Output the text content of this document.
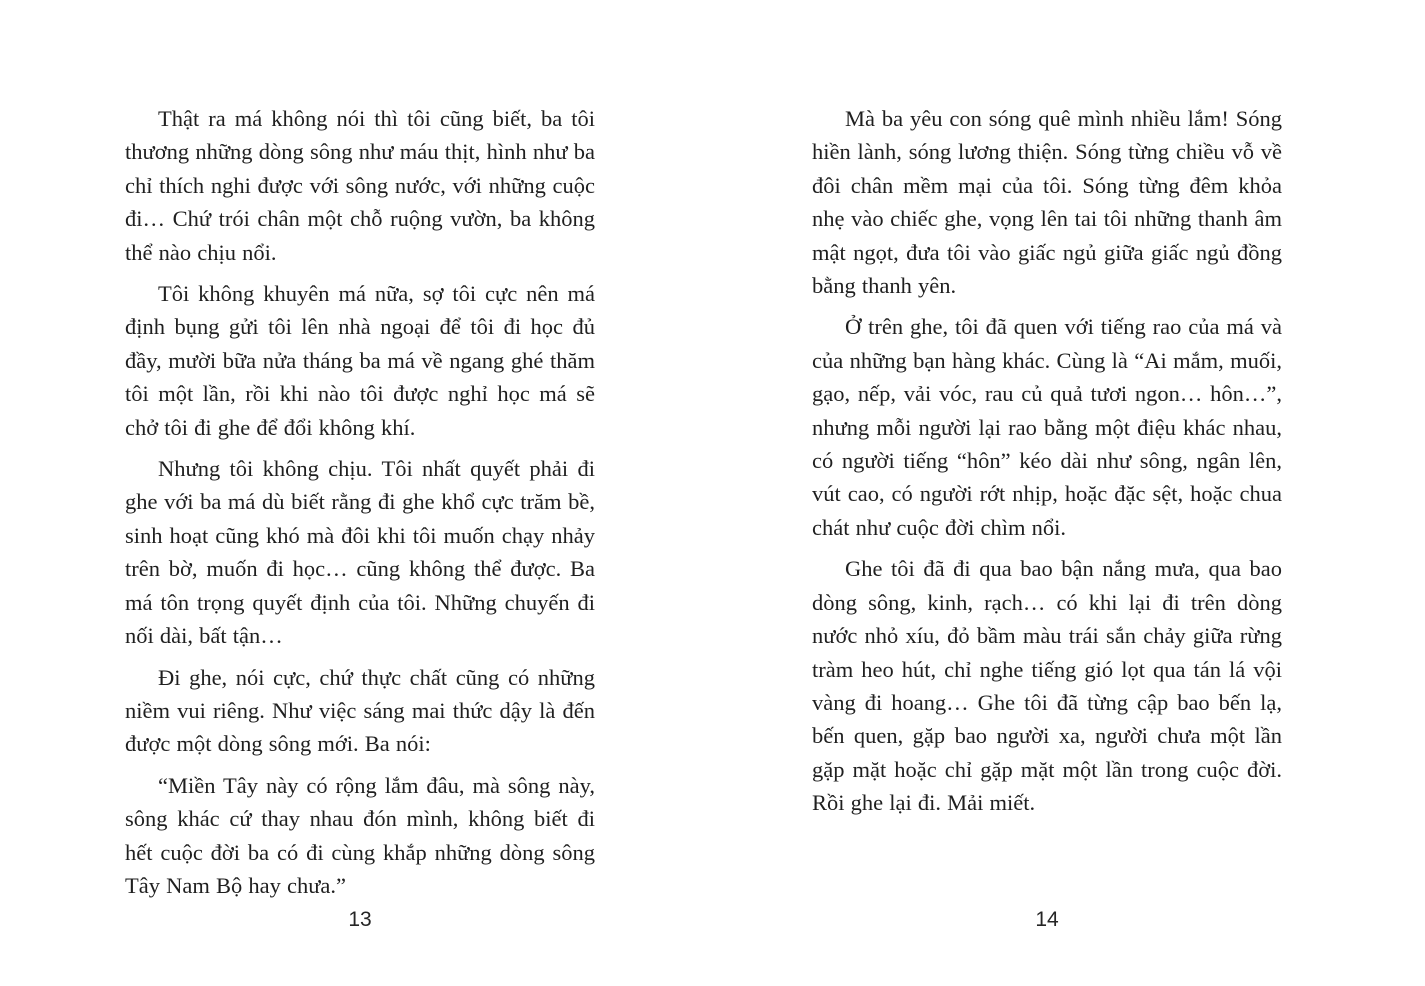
Thật ra má không nói thì tôi cũng biết, ba tôi thương những dòng sông như máu thịt, hình như ba chỉ thích nghi được với sông nước, với những cuộc đi… Chứ trói chân một chỗ ruộng vườn, ba không thể nào chịu nổi.

Tôi không khuyên má nữa, sợ tôi cực nên má định bụng gửi tôi lên nhà ngoại để tôi đi học đủ đầy, mười bữa nửa tháng ba má về ngang ghé thăm tôi một lần, rồi khi nào tôi được nghỉ học má sẽ chở tôi đi ghe để đổi không khí.

Nhưng tôi không chịu. Tôi nhất quyết phải đi ghe với ba má dù biết rằng đi ghe khổ cực trăm bề, sinh hoạt cũng khó mà đôi khi tôi muốn chạy nhảy trên bờ, muốn đi học… cũng không thể được. Ba má tôn trọng quyết định của tôi. Những chuyến đi nối dài, bất tận…

Đi ghe, nói cực, chứ thực chất cũng có những niềm vui riêng. Như việc sáng mai thức dậy là đến được một dòng sông mới. Ba nói:

“Miền Tây này có rộng lắm đâu, mà sông này, sông khác cứ thay nhau đón mình, không biết đi hết cuộc đời ba có đi cùng khắp những dòng sông Tây Nam Bộ hay chưa.”

13

Mà ba yêu con sóng quê mình nhiều lắm! Sóng hiền lành, sóng lương thiện. Sóng từng chiều vỗ về đôi chân mềm mại của tôi. Sóng từng đêm khỏa nhẹ vào chiếc ghe, vọng lên tai tôi những thanh âm mật ngọt, đưa tôi vào giấc ngủ giữa giấc ngủ đồng bằng thanh yên.

Ở trên ghe, tôi đã quen với tiếng rao của má và của những bạn hàng khác. Cùng là “Ai mắm, muối, gạo, nếp, vải vóc, rau củ quả tươi ngon… hôn…”, nhưng mỗi người lại rao bằng một điệu khác nhau, có người tiếng “hôn” kéo dài như sông, ngân lên, vút cao, có người rớt nhịp, hoặc đặc sệt, hoặc chua chát như cuộc đời chìm nổi.

Ghe tôi đã đi qua bao bận nắng mưa, qua bao dòng sông, kinh, rạch… có khi lại đi trên dòng nước nhỏ xíu, đỏ bầm màu trái sắn chảy giữa rừng tràm heo hút, chỉ nghe tiếng gió lọt qua tán lá vội vàng đi hoang… Ghe tôi đã từng cập bao bến lạ, bến quen, gặp bao người xa, người chưa một lần gặp mặt hoặc chỉ gặp mặt một lần trong cuộc đời. Rồi ghe lại đi. Mải miết.

14
